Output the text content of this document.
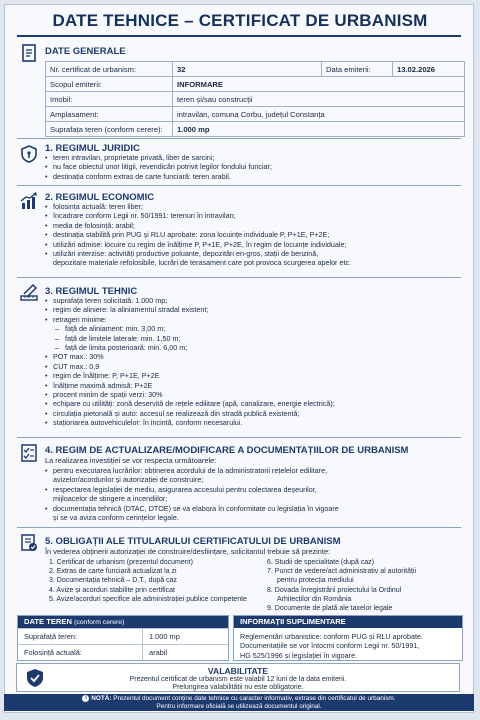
DATE TEHNICE – CERTIFICAT DE URBANISM
DATE GENERALE
Nr. certificat de urbanism:	32	Data emiterii:	13.02.2026
Scopul emiterii:	INFORMARE		
Imobil:	teren și/sau construcții		
Amplasament:	intravilan, comuna Corbu, județul Constanța		
Suprafața teren (conform cerere):	1.000 mp		
1. REGIMUL JURIDIC
• teren intravilan, proprietate privată, liber de sarcini;
• nu face obiectul unor litigii, revendicări potrivit legilor fondului funciar;
• destinația conform extras de carte funciară: teren arabil.
2. REGIMUL ECONOMIC
• folosința actuală: teren liber;
• încadrare conform Legii nr. 50/1991: terenuri în intravilan;
• media de folosință: arabil;
• destinația stabilită prin PUG și RLU aprobate: zona locuințe individuale P, P+1E, P+2E;
• utilizări admise: locuire cu regim de înălțime P, P+1E, P+2E, în regim de locuințe individuale;
• utilizări interzise: activități productive poluante, depozitări en-gros, stații de benzină,
depozitare materiale refolosibile, lucrări de terasament care pot provoca scurgerea apelor etc.
3. REGIMUL TEHNIC
• suprafața teren solicitată: 1.000 mp;
• regim de aliniere: la aliniamentul stradal existent;
• retrageri minime:
– față de aliniament: min. 3,00 m;
– față de limitele laterale: min. 1,50 m;
– față de limita posterioară: min. 6,00 m;
• POT max.: 30%
• CUT max.: 0,9
• regim de înălțime: P, P+1E, P+2E
• înălțime maximă admisă: P+2E
• procent minim de spații verzi: 30%
• echipare cu utilități: zonă deservită de rețele edilitare (apă, canalizare, energie electrică);
• circulația pietonală și auto: accesul se realizează din stradă publică existentă;
• staționarea autovehiculelor: în incintă, conform necesarului.
4. REGIM DE ACTUALIZARE/MODIFICARE A DOCUMENTAȚIILOR DE URBANISM
La realizarea investiției se vor respecta următoarele:
• pentru executarea lucrărilor: obținerea acordului de la administratorii rețelelor edilitare,
avizelor/acordurilor și autorizației de construire;
• respectarea legislației de mediu, asigurarea accesului pentru colectarea deșeurilor,
mijloacelor de stingere a incendiilor;
• documentația tehnică (DTAC, DTOE) se va elabora în conformitate cu legislația în vigoare
și se va aviza conform cerințelor legale.
5. OBLIGAȚII ALE TITULARULUI CERTIFICATULUI DE URBANISM
În vederea obținerii autorizației de construire/desființare, solicitantul trebuie să prezinte:
1. Certificat de urbanism (prezentul document)
2. Extras de carte funciară actualizat la zi
3. Documentația tehnică – D.T., după caz
4. Avize și acorduri stabilite prin certificat
5. Avize/acorduri specifice ale administrației publice competente
6. Studii de specialitate (după caz)
7. Punct de vedere/act administrativ al autorității
pentru protecția mediului
8. Dovada înregistrării proiectului la Ordinul
Arhitecților din România
9. Documente de plată ale taxelor legale
DATE TEREN (conform cerere)
Suprafață teren:	1.000 mp
Folosință actuală:	arabil
INFORMAȚII SUPLIMENTARE
Reglementări urbanistice: conform PUG și RLU aprobate.
Documentațiile se vor întocmi conform Legii nr. 50/1991,
HG 525/1996 și legislației în vigoare.
VALABILITATE
Prezentul certificat de urbanism este valabil 12 luni de la data emiterii.
Prelungirea valabilității nu este obligatorie.
i NOTĂ: Prezentul document conține date tehnice cu caracter informativ, extrase din certificatul de urbanism.
Pentru informare oficială se utilizează documentul original.
